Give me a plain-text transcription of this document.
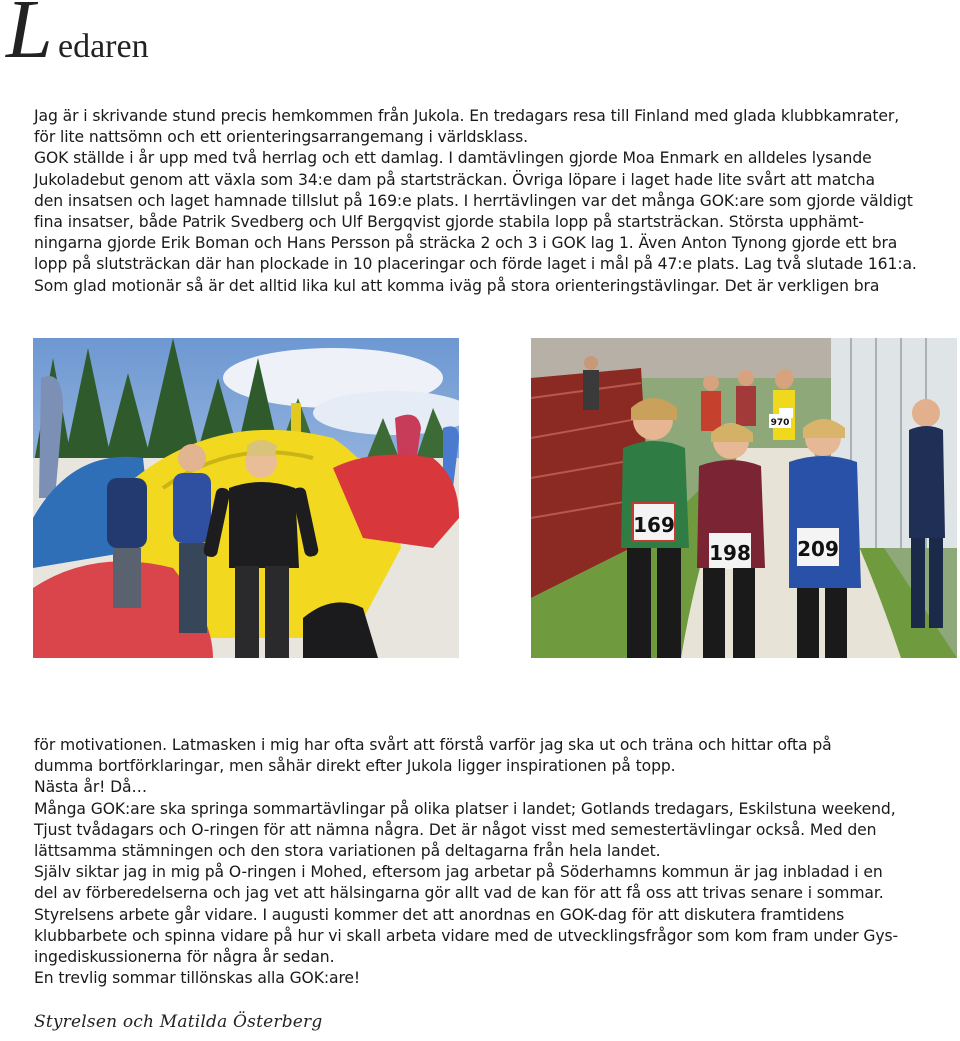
L edaren

Jag är i skrivande stund precis hemkommen från Jukola. En tredagars resa till Finland med glada klubbkamrater,

för lite nattsömn och ett orienteringsarrangemang i världsklass.

GOK ställde i år upp med två herrlag och ett damlag. I damtävlingen gjorde Moa Enmark en alldeles lysande

Jukoladebut genom att växla som 34:e dam på startsträckan. Övriga löpare i laget hade lite svårt att matcha

den insatsen och laget hamnade tillslut på 169:e plats. I herrtävlingen var det många GOK:are som gjorde väldigt

fina insatser, både Patrik Svedberg och Ulf Bergqvist gjorde stabila lopp på startsträckan. Största upphämt-

ningarna gjorde Erik Boman och Hans Persson på sträcka 2 och 3 i GOK lag 1. Även Anton Tynong gjorde ett bra

lopp på slutsträckan där han plockade in 10 placeringar och förde laget i mål på 47:e plats. Lag två slutade 161:a.

Som glad motionär så är det alltid lika kul att komma iväg på stora orienteringstävlingar. Det är verkligen bra

169
198 209
970

för motivationen. Latmasken i mig har ofta svårt att förstå varför jag ska ut och träna och hittar ofta på

dumma bortförklaringar, men såhär direkt efter Jukola ligger inspirationen på topp.

Nästa år! Då…

Många GOK:are ska springa sommartävlingar på olika platser i landet; Gotlands tredagars, Eskilstuna weekend,

Tjust tvådagars och O-ringen för att nämna några. Det är något visst med semestertävlingar också. Med den

lättsamma stämningen och den stora variationen på deltagarna från hela landet.

Själv siktar jag in mig på O-ringen i Mohed, eftersom jag arbetar på Söderhamns kommun är jag inbladad i en

del av förberedelserna och jag vet att hälsingarna gör allt vad de kan för att få oss att trivas senare i sommar.

Styrelsens arbete går vidare. I augusti kommer det att anordnas en GOK-dag för att diskutera framtidens

klubbarbete och spinna vidare på hur vi skall arbeta vidare med de utvecklingsfrågor som kom fram under Gys-

ingediskussionerna för några år sedan.

En trevlig sommar tillönskas alla GOK:are!

Styrelsen och Matilda Österberg
